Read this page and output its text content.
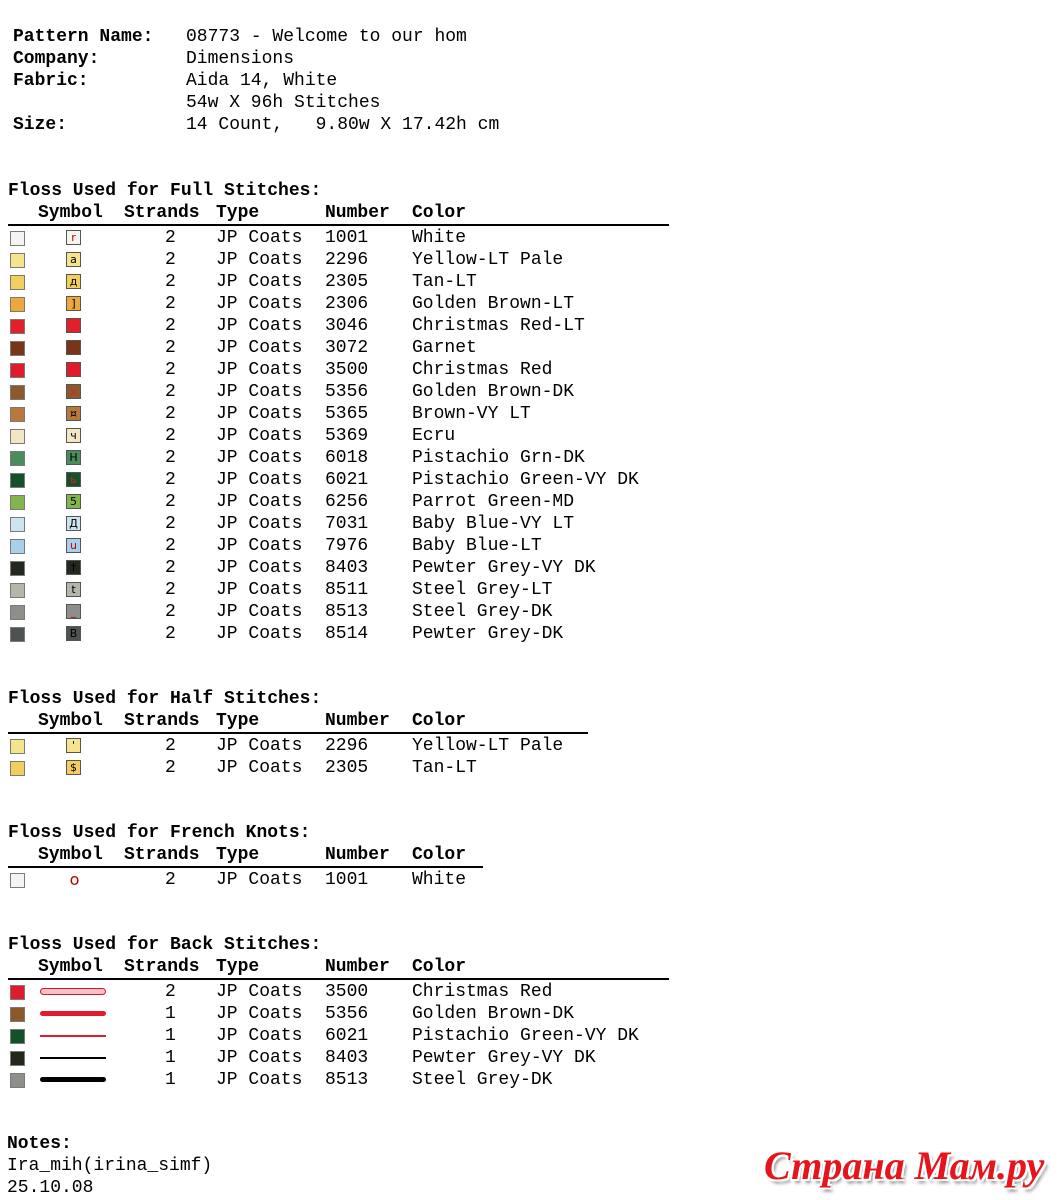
Pattern Name: 08773 - Welcome to our hom
Company:	Dimensions
Fabric:	Aida 14, White
54w X 96h Stitches
Size:	14 Count,   9.80w X 17.42h cm
Floss Used for Full Stitches:
Symbol Strands Type	Number Color
r	2 JP Coats 1001 White
a	2 JP Coats 2296 Yellow-LT Pale
д	2 JP Coats 2305 Tan-LT
]	2 JP Coats 2306 Golden Brown-LT
/	2 JP Coats 3046 Christmas Red-LT
w	2 JP Coats 3072 Garnet
s	2 JP Coats 3500 Christmas Red
x	2 JP Coats 5356 Golden Brown-DK
¤	2 JP Coats 5365 Brown-VY LT
ч	2 JP Coats 5369 Ecru
Н	2 JP Coats 6018 Pistachio Grn-DK
ь	2 JP Coats 6021 Pistachio Green-VY DK
5	2 JP Coats 6256 Parrot Green-MD
Д	2 JP Coats 7031 Baby Blue-VY LT
u	2 JP Coats 7976 Baby Blue-LT
†	2 JP Coats 8403 Pewter Grey-VY DK
t	2 JP Coats 8511 Steel Grey-LT
_	2 JP Coats 8513 Steel Grey-DK
В	2 JP Coats 8514 Pewter Grey-DK
Floss Used for Half Stitches:
Symbol Strands Type	Number Color
'	2 JP Coats 2296 Yellow-LT Pale
$	2 JP Coats 2305 Tan-LT
Floss Used for French Knots:
Symbol Strands Type	Number Color
o	2 JP Coats 1001 White
Floss Used for Back Stitches:
Symbol Strands Type	Number Color
2 JP Coats 3500 Christmas Red
1 JP Coats 5356 Golden Brown-DK
1 JP Coats 6021 Pistachio Green-VY DK
1 JP Coats 8403 Pewter Grey-VY DK
1 JP Coats 8513 Steel Grey-DK
Notes:
Ira_mih(irina_simf)
25.10.08	Страна Мам.ру
